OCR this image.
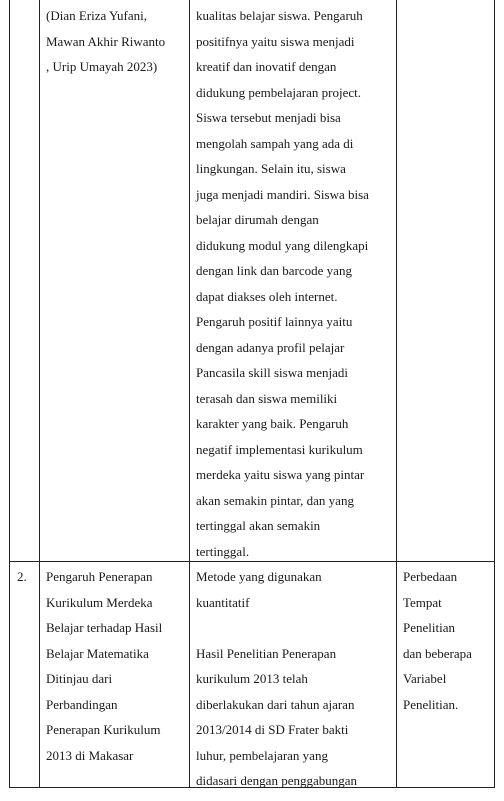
(Dian Eriza Yufani,
Mawan Akhir Riwanto
, Urip Umayah 2023)
kualitas belajar siswa. Pengaruh
positifnya yaitu siswa menjadi
kreatif dan inovatif dengan
didukung pembelajaran project.
Siswa tersebut menjadi bisa
mengolah sampah yang ada di
lingkungan. Selain itu, siswa
juga menjadi mandiri. Siswa bisa
belajar dirumah dengan
didukung modul yang dilengkapi
dengan link dan barcode yang
dapat diakses oleh internet.
Pengaruh positif lainnya yaitu
dengan adanya profil pelajar
Pancasila skill siswa menjadi
terasah dan siswa memiliki
karakter yang baik. Pengaruh
negatif implementasi kurikulum
merdeka yaitu siswa yang pintar
akan semakin pintar, dan yang
tertinggal akan semakin
tertinggal.
2. Pengaruh Penerapan
Kurikulum Merdeka
Belajar terhadap Hasil
Belajar Matematika
Ditinjau dari
Perbandingan
Penerapan Kurikulum
2013 di Makasar
Metode yang digunakan
kuantitatif
Hasil Penelitian Penerapan
kurikulum 2013 telah
diberlakukan dari tahun ajaran
2013/2014 di SD Frater bakti
luhur, pembelajaran yang
didasari dengan penggabungan
Perbedaan
Tempat
Penelitian
dan beberapa
Variabel
Penelitian.
